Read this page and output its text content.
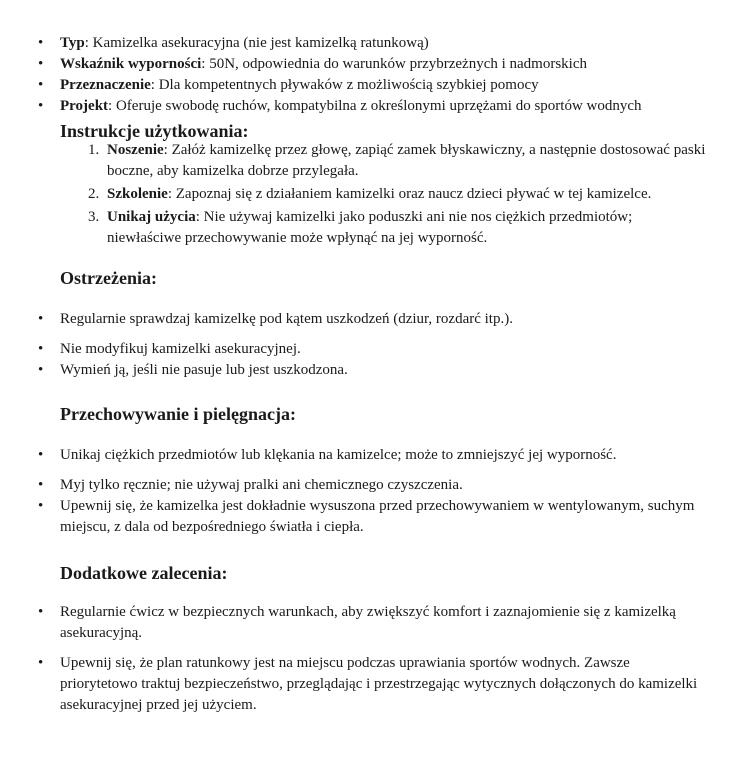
• Typ: Kamizelka asekuracyjna (nie jest kamizelką ratunkową)
• Wskaźnik wyporności: 50N, odpowiednia do warunków przybrzeżnych i nadmorskich
• Przeznaczenie: Dla kompetentnych pływaków z możliwością szybkiej pomocy
• Projekt: Oferuje swobodę ruchów, kompatybilna z określonymi uprzężami do sportów wodnych
Instrukcje użytkowania:
1. Noszenie: Załóż kamizelkę przez głowę, zapiąć zamek błyskawiczny, a następnie dostosować paski boczne, aby kamizelka dobrze przylegała.
2. Szkolenie: Zapoznaj się z działaniem kamizelki oraz naucz dzieci pływać w tej kamizelce.
3. Unikaj użycia: Nie używaj kamizelki jako poduszki ani nie nos ciężkich przedmiotów; niewłaściwe przechowywanie może wpłynąć na jej wyporność.
Ostrzeżenia:
• Regularnie sprawdzaj kamizelkę pod kątem uszkodzeń (dziur, rozdarć itp.).
• Nie modyfikuj kamizelki asekuracyjnej.
• Wymień ją, jeśli nie pasuje lub jest uszkodzona.
Przechowywanie i pielęgnacja:
• Unikaj ciężkich przedmiotów lub klękania na kamizelce; może to zmniejszyć jej wyporność.
• Myj tylko ręcznie; nie używaj pralki ani chemicznego czyszczenia.
• Upewnij się, że kamizelka jest dokładnie wysuszona przed przechowywaniem w wentylowanym, suchym miejscu, z dala od bezpośredniego światła i ciepła.
Dodatkowe zalecenia:
• Regularnie ćwicz w bezpiecznych warunkach, aby zwiększyć komfort i zaznajomienie się z kamizelką asekuracyjną.
• Upewnij się, że plan ratunkowy jest na miejscu podczas uprawiania sportów wodnych. Zawsze priorytetowo traktuj bezpieczeństwo, przeglądając i przestrzegając wytycznych dołączonych do kamizelki asekuracyjnej przed jej użyciem.
